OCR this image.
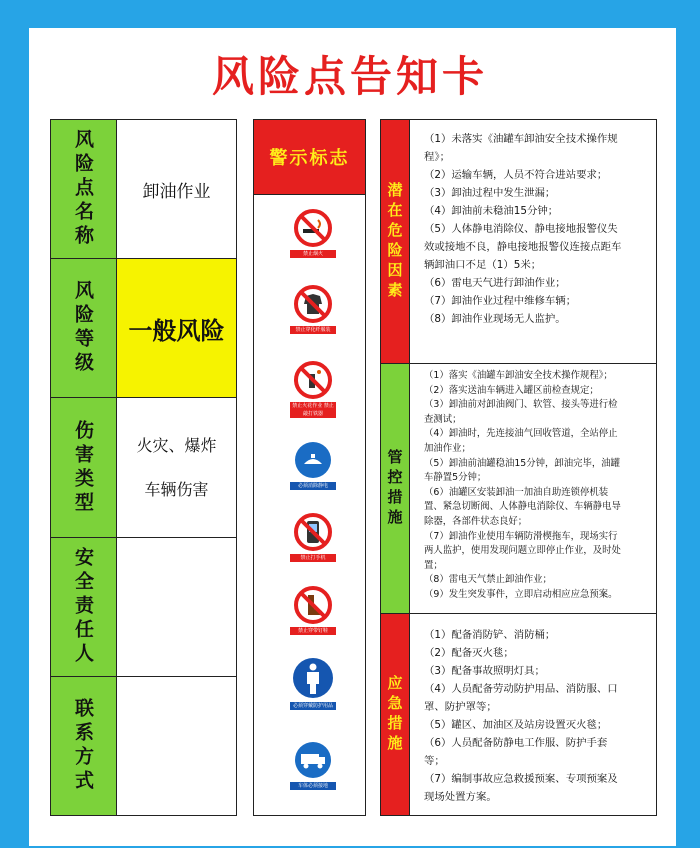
风险点告知卡
风险点名称	卸油作业
风险等级	一般风险
伤害类型	火灾、爆炸
车辆伤害
安全责任人
联系方式
警示标志
禁止烟火
禁止穿化纤服装
禁止火花作业 禁止敲打铁器
必须消除静电
禁止打手机
禁止穿带钉鞋
必须穿戴防护用品
车体必须接地
潜在危险因素

（1）未落实《油罐车卸油安全技术操作规

程》；

（2）运输车辆，人员不符合进站要求；

（3）卸油过程中发生泄漏；

（4）卸油前未稳油15分钟；

（5）人体静电消除仪、静电接地报警仪失

效或接地不良，静电接地报警仪连接点距车

辆卸油口不足（1）5米；

（6）雷电天气进行卸油作业；

（7）卸油作业过程中维修车辆；

（8）卸油作业现场无人监护。

管控措施

（1）落实《油罐车卸油安全技术操作规程》；

（2）落实送油车辆进入罐区前检查规定；

（3）卸油前对卸油阀门、软管、接头等进行检

查测试；

（4）卸油时，先连接油气回收管道，全站停止

加油作业；

（5）卸油前油罐稳油15分钟，卸油完毕，油罐

车静置5分钟；

（6）油罐区安装卸油一加油自助连锁停机装

置、紧急切断阀、人体静电消除仪、车辆静电导

除器，各部件状态良好；

（7）卸油作业使用车辆防滑楔拖车，现场实行

两人监护，使用发现问题立即停止作业，及时处

置；

（8）雷电天气禁止卸油作业；

（9）发生突发事件，立即启动相应应急预案。

应急措施

（1）配备消防铲、消防桶；

（2）配备灭火毯；

（3）配备事故照明灯具；

（4）人员配备劳动防护用品、消防服、口

罩、防护罩等；

（5）罐区、加油区及站房设置灭火毯；

（6）人员配备防静电工作服、防护手套

等；

（7）编制事故应急救援预案、专项预案及

现场处置方案。
